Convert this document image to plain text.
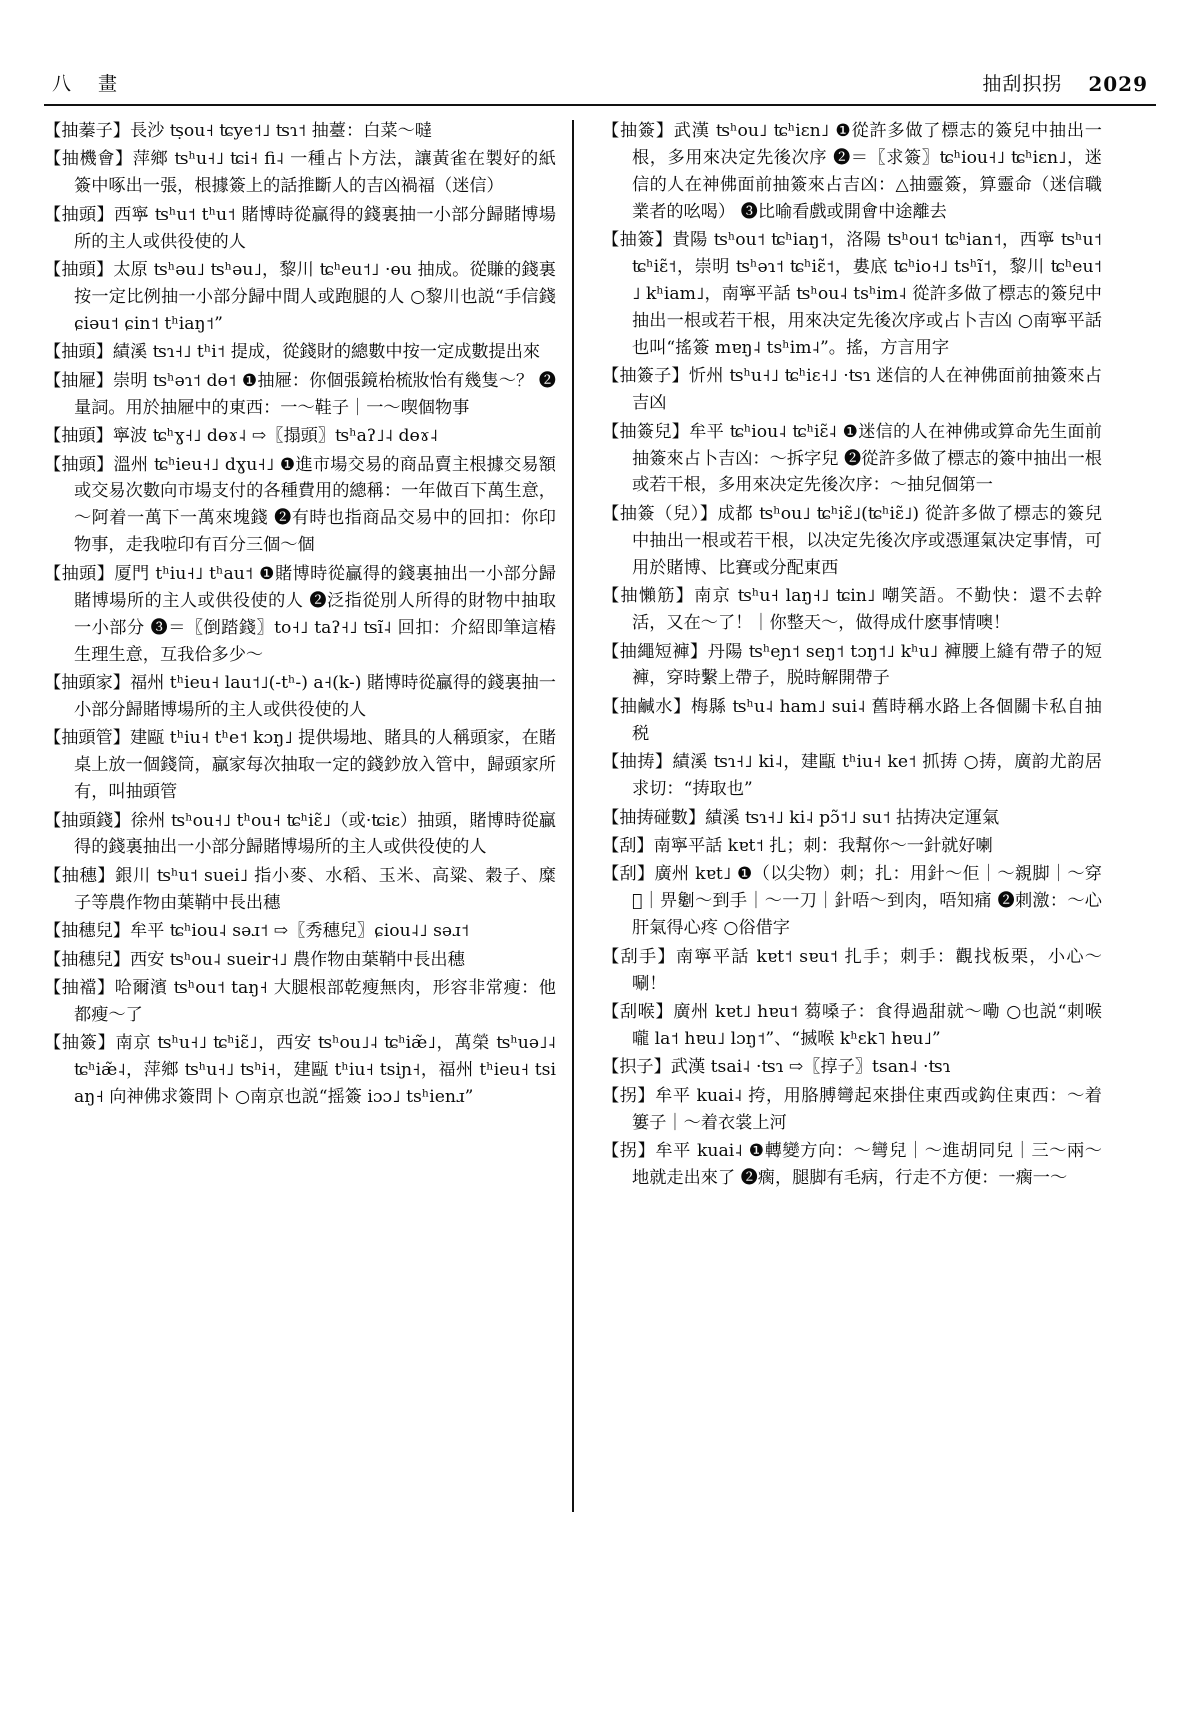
八 畫	抽刮抧拐 2029
【抽蓁子】長沙 ʦ̣ou˧ ʨye˦˩ ʦɿ˦ 抽薹：白菜～噠
【抽機會】萍鄉 ʦʰu˧˩ ʨi˧ fi˨ 一種占卜方法，讓黃雀在製好的紙簽中啄出一張，根據簽上的話推斷人的吉凶禍福（迷信）
【抽頭】西寧 ʦʰu˦ tʰu˦ 賭博時從贏得的錢裏抽一小部分歸賭博場所的主人或供役使的人
【抽頭】太原 ʦʰəu˩ ʦʰəu˩，黎川 ʨʰeu˦˩ ·ɵu 抽成。從賺的錢裏按一定比例抽一小部分歸中間人或跑腿的人 ○黎川也説“手信錢 ɕiəu˦ ɕin˦ tʰiaŋ˦”
【抽頭】績溪 ʦɿ˧˩ tʰi˦ 提成，從錢財的總數中按一定成數提出來
【抽屜】崇明 ʦʰəɿ˦ dɵ˦ ❶抽屜：你個張鏡枱梳妝怡有幾隻～？ ❷量詞。用於抽屜中的東西：一～鞋子｜一～喫個物事
【抽頭】寧波 ʨʰɣ˧˩ dɵɤ˨ ⇨〖搨頭〗ʦʰaʔ˩˨ dɵɤ˨
【抽頭】溫州 ʨʰieu˧˩ dɣu˧˩ ❶進市場交易的商品賣主根據交易額或交易次數向市場支付的各種費用的總稱：一年做百下萬生意，～阿着一萬下一萬來塊錢 ❷有時也指商品交易中的回扣：你印物事，走我啦印有百分三個～個
【抽頭】厦門 tʰiu˧˩ tʰau˦ ❶賭博時從贏得的錢裏抽出一小部分歸賭博場所的主人或供役使的人 ❷泛指從別人所得的財物中抽取一小部分 ❸＝〖倒踏錢〗to˧˩ taʔ˧˩ ʦĩ˨ 回扣：介紹即筆這樁生理生意，互我佮多少～
【抽頭家】福州 tʰieu˧ lau˦˩(-tʰ-) a˧(k-) 賭博時從贏得的錢裏抽一小部分歸賭博場所的主人或供役使的人
【抽頭管】建甌 tʰiu˧ tʰe˦ kɔŋ˩ 提供場地、賭具的人稱頭家，在賭桌上放一個錢筒，贏家每次抽取一定的錢鈔放入管中，歸頭家所有，叫抽頭管
【抽頭錢】徐州 ʦʰou˧˩ tʰou˧ ʨʰiɛ̃˩（或·ʨiɛ）抽頭，賭博時從贏得的錢裏抽出一小部分歸賭博場所的主人或供役使的人
【抽穗】銀川 ʦʰu˦ suei˩ 指小麥、水稻、玉米、高粱、穀子、糜子等農作物由葉鞘中長出穗
【抽穗兒】牟平 ʨʰiou˨ səɹ˦ ⇨〖秀穗兒〗ɕiou˨˩ səɹ˦
【抽穗兒】西安 ʦʰou˨ sueir˧˩ 農作物由葉鞘中長出穗
【抽襠】哈爾濱 ʦʰou˦ taŋ˧ 大腿根部乾瘦無肉，形容非常瘦：他都瘦～了
【抽簽】南京 ʦʰu˧˩ ʨʰiɛ̃˩，西安 ʦʰou˩˨ ʨʰiæ̃˩，萬榮 ʦʰuə˩˨ ʨʰiæ̃˨，萍鄉 ʦʰu˧˩ ʦʰi˧，建甌 tʰiu˧ tsiɲ˧，福州 tʰieu˧ tsiaŋ˧ 向神佛求簽問卜 ○南京也説“摇簽 iɔɔ˩ tsʰienɹ”
【抽簽】武漢 ʦʰou˩ ʨʰiɛn˩ ❶從許多做了標志的簽兒中抽出一根，多用來决定先後次序 ❷＝〖求簽〗ʨʰiou˧˩ ʨʰiɛn˩，迷信的人在神佛面前抽簽來占吉凶：△抽靈簽，算靈命（迷信職業者的吆喝） ❸比喻看戲或開會中途離去
【抽簽】貴陽 ʦʰou˦ ʨʰiaŋ˦，洛陽 ʦʰou˦ ʨʰian˦，西寧 ʦʰu˦ ʨʰiɛ̃˦，崇明 ʦʰəɿ˦ ʨʰiɛ̃˦，婁底 ʨʰio˧˩ tsʰĩ˦，黎川 ʨʰeu˦˩ kʰiam˩，南寧平話 ʦʰou˨ tsʰim˨ 從許多做了標志的簽兒中抽出一根或若干根，用來决定先後次序或占卜吉凶 ○南寧平話也叫“搖簽 mɐŋ˨ tsʰim˨”。搖，方言用字
【抽簽子】忻州 ʦʰu˧˩ ʨʰiɛ˧˩ ·ʦɿ 迷信的人在神佛面前抽簽來占吉凶
【抽簽兒】牟平 ʨʰiou˨ ʨʰiɛ̃˨ ❶迷信的人在神佛或算命先生面前抽簽來占卜吉凶：～拆字兒 ❷從許多做了標志的簽中抽出一根或若干根，多用來决定先後次序：～抽兒個第一
【抽簽（兒）】成都 ʦʰou˩ ʨʰiɛ̃˩(ʨʰiɛ̃˩) 從許多做了標志的簽兒中抽出一根或若干根，以决定先後次序或憑運氣决定事情，可用於賭博、比賽或分配東西
【抽懶筋】南京 ʦʰu˧ laŋ˧˩ ʨin˩ 嘲笑語。不勤快：還不去幹活，又在～了！｜你整天～，做得成什麽事情噢！
【抽繩短褲】丹陽 ʦʰeɲ˦ seŋ˦ tɔŋ˦˩ kʰu˩ 褲腰上縫有帶子的短褲，穿時繫上帶子，脱時解開帶子
【抽鹹水】梅縣 ʦʰu˨ ham˩ sui˨ 舊時稱水路上各個關卡私自抽税
【抽𢭏】績溪 ʦɿ˧˩ ki˨，建甌 tʰiu˧ ke˦ 抓𢭏 ○𢭏，廣韵尤韵居求切：“𢭏取也”
【抽𢭏碰數】績溪 ʦɿ˧˩ ki˨ pɔ̃˦˩ su˦ 拈𢭏决定運氣
【刮】南寧平話 kɐt˦ 扎；刺：我幫你～一針就好喇
【刮】廣州 kɐt˩ ❶（以尖物）刺；扎：用針～佢｜～親脚｜～穿𨂔｜畀劖～到手｜～一刀｜針唔～到肉，唔知痛 ❷刺激：～心肝氣得心疼 ○俗借字
【刮手】南寧平話 kɐt˦ sɐu˦ 扎手；刺手：觀找板栗，小心～唰！
【刮喉】廣州 kɐt˩ hɐu˦ 蒭嗓子：食得過甜就～嘞 ○也説“刺喉嚨 la˦ hɐu˩ lɔŋ˦”、“搣喉 kʰɛk˥ hɐu˩”
【抧子】武漢 tsai˨ ·ʦɿ ⇨〖㨃子〗tsan˨ ·ʦɿ
【拐】牟平 kuai˨ 挎，用胳膊彎起來掛住東西或鈎住東西：～着簍子｜～着衣裳上河
【拐】牟平 kuai˨ ❶轉變方向：～彎兒｜～進胡同兒｜三～兩～地就走出來了 ❷瘸，腿脚有毛病，行走不方便：一瘸一～
